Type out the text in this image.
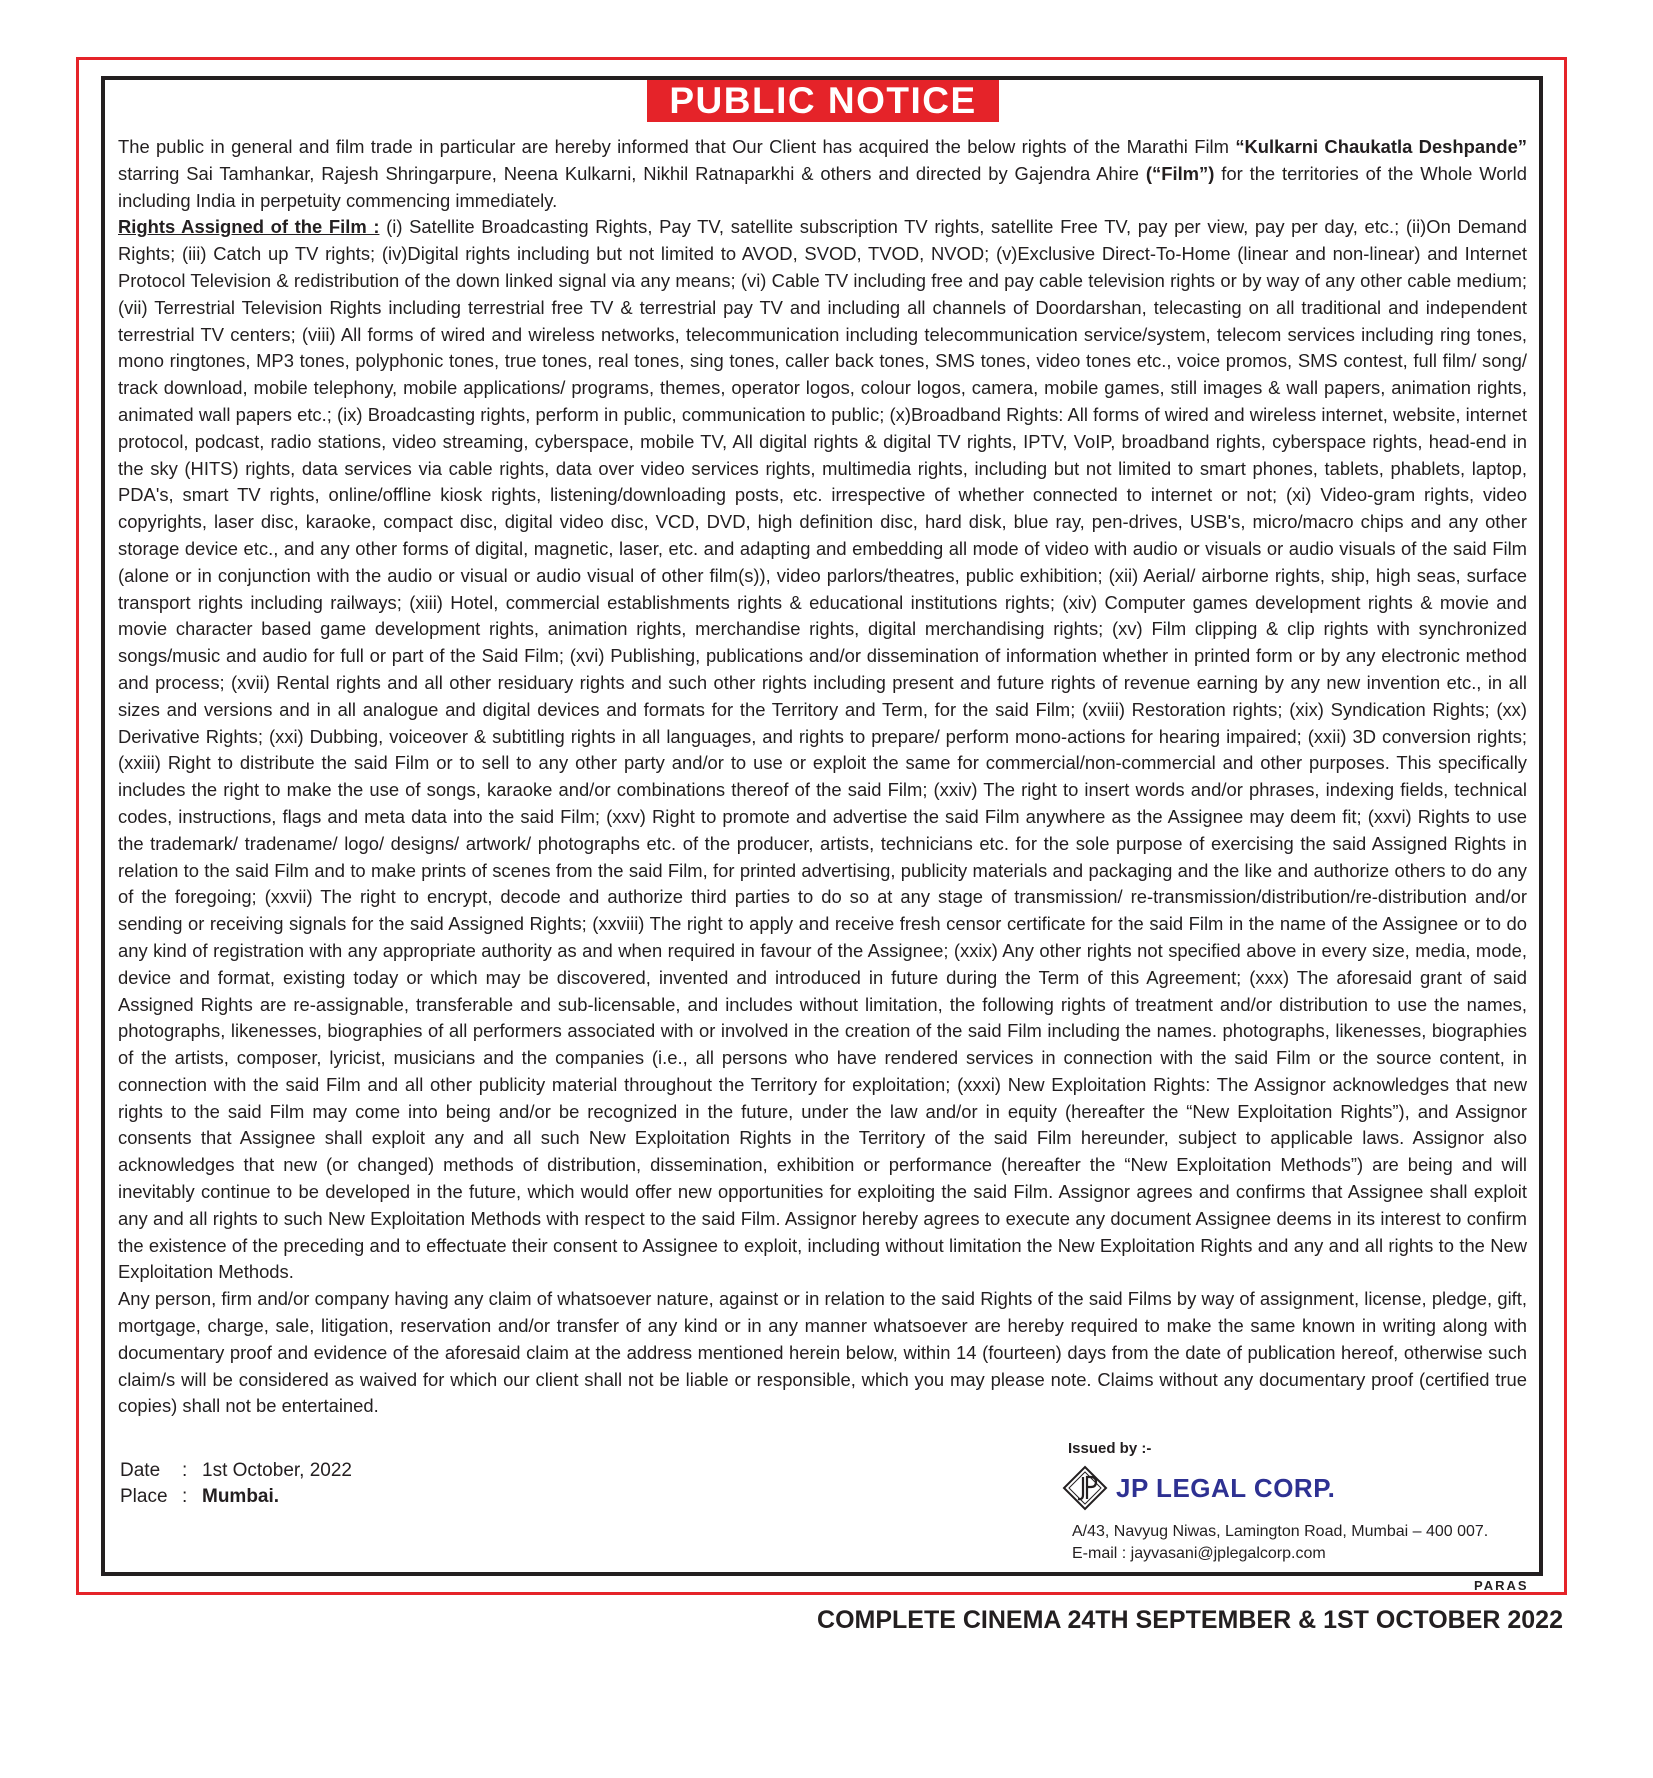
PUBLIC NOTICE

The public in general and film trade in particular are hereby informed that Our Client has acquired the below rights of the Marathi Film “Kulkarni Chaukatla Deshpande” starring Sai Tamhankar, Rajesh Shringarpure, Neena Kulkarni, Nikhil Ratnaparkhi & others and directed by Gajendra Ahire (“Film”) for the territories of the Whole World including India in perpetuity commencing immediately.

Rights Assigned of the Film : (i) Satellite Broadcasting Rights, Pay TV, satellite subscription TV rights, satellite Free TV, pay per view, pay per day, etc.; (ii)On Demand Rights; (iii) Catch up TV rights; (iv)Digital rights including but not limited to AVOD, SVOD, TVOD, NVOD; (v)Exclusive Direct-To-Home (linear and non-linear) and Internet Protocol Television & redistribution of the down linked signal via any means; (vi) Cable TV including free and pay cable television rights or by way of any other cable medium; (vii) Terrestrial Television Rights including terrestrial free TV & terrestrial pay TV and including all channels of Doordarshan, telecasting on all traditional and independent terrestrial TV centers; (viii) All forms of wired and wireless networks, telecommunication including telecommunication service/system, telecom services including ring tones, mono ringtones, MP3 tones, polyphonic tones, true tones, real tones, sing tones, caller back tones, SMS tones, video tones etc., voice promos, SMS contest, full film/ song/ track download, mobile telephony, mobile applications/ programs, themes, operator logos, colour logos, camera, mobile games, still images & wall papers, animation rights, animated wall papers etc.; (ix) Broadcasting rights, perform in public, communication to public; (x)Broadband Rights: All forms of wired and wireless internet, website, internet protocol, podcast, radio stations, video streaming, cyberspace, mobile TV, All digital rights & digital TV rights, IPTV, VoIP, broadband rights, cyberspace rights, head-end in the sky (HITS) rights, data services via cable rights, data over video services rights, multimedia rights, including but not limited to smart phones, tablets, phablets, laptop, PDA's, smart TV rights, online/offline kiosk rights, listening/downloading posts, etc. irrespective of whether connected to internet or not; (xi) Video-gram rights, video copyrights, laser disc, karaoke, compact disc, digital video disc, VCD, DVD, high definition disc, hard disk, blue ray, pen-drives, USB's, micro/macro chips and any other storage device etc., and any other forms of digital, magnetic, laser, etc. and adapting and embedding all mode of video with audio or visuals or audio visuals of the said Film (alone or in conjunction with the audio or visual or audio visual of other film(s)), video parlors/theatres, public exhibition; (xii) Aerial/ airborne rights, ship, high seas, surface transport rights including railways; (xiii) Hotel, commercial establishments rights & educational institutions rights; (xiv) Computer games development rights & movie and movie character based game development rights, animation rights, merchandise rights, digital merchandising rights; (xv) Film clipping & clip rights with synchronized songs/music and audio for full or part of the Said Film; (xvi) Publishing, publications and/or dissemination of information whether in printed form or by any electronic method and process; (xvii) Rental rights and all other residuary rights and such other rights including present and future rights of revenue earning by any new invention etc., in all sizes and versions and in all analogue and digital devices and formats for the Territory and Term, for the said Film; (xviii) Restoration rights; (xix) Syndication Rights; (xx) Derivative Rights; (xxi) Dubbing, voiceover & subtitling rights in all languages, and rights to prepare/ perform mono-actions for hearing impaired; (xxii) 3D conversion rights; (xxiii) Right to distribute the said Film or to sell to any other party and/or to use or exploit the same for commercial/non-commercial and other purposes. This specifically includes the right to make the use of songs, karaoke and/or combinations thereof of the said Film; (xxiv) The right to insert words and/or phrases, indexing fields, technical codes, instructions, flags and meta data into the said Film; (xxv) Right to promote and advertise the said Film anywhere as the Assignee may deem fit; (xxvi) Rights to use the trademark/ tradename/ logo/ designs/ artwork/ photographs etc. of the producer, artists, technicians etc. for the sole purpose of exercising the said Assigned Rights in relation to the said Film and to make prints of scenes from the said Film, for printed advertising, publicity materials and packaging and the like and authorize others to do any of the foregoing; (xxvii) The right to encrypt, decode and authorize third parties to do so at any stage of transmission/ re-transmission/distribution/re-distribution and/or sending or receiving signals for the said Assigned Rights; (xxviii) The right to apply and receive fresh censor certificate for the said Film in the name of the Assignee or to do any kind of registration with any appropriate authority as and when required in favour of the Assignee; (xxix) Any other rights not specified above in every size, media, mode, device and format, existing today or which may be discovered, invented and introduced in future during the Term of this Agreement; (xxx) The aforesaid grant of said Assigned Rights are re-assignable, transferable and sub-licensable, and includes without limitation, the following rights of treatment and/or distribution to use the names, photographs, likenesses, biographies of all performers associated with or involved in the creation of the said Film including the names. photographs, likenesses, biographies of the artists, composer, lyricist, musicians and the companies (i.e., all persons who have rendered services in connection with the said Film or the source content, in connection with the said Film and all other publicity material throughout the Territory for exploitation; (xxxi) New Exploitation Rights: The Assignor acknowledges that new rights to the said Film may come into being and/or be recognized in the future, under the law and/or in equity (hereafter the “New Exploitation Rights”), and Assignor consents that Assignee shall exploit any and all such New Exploitation Rights in the Territory of the said Film hereunder, subject to applicable laws. Assignor also acknowledges that new (or changed) methods of distribution, dissemination, exhibition or performance (hereafter the “New Exploitation Methods”) are being and will inevitably continue to be developed in the future, which would offer new opportunities for exploiting the said Film. Assignor agrees and confirms that Assignee shall exploit any and all rights to such New Exploitation Methods with respect to the said Film. Assignor hereby agrees to execute any document Assignee deems in its interest to confirm the existence of the preceding and to effectuate their consent to Assignee to exploit, including without limitation the New Exploitation Rights and any and all rights to the New Exploitation Methods.

Any person, firm and/or company having any claim of whatsoever nature, against or in relation to the said Rights of the said Films by way of assignment, license, pledge, gift, mortgage, charge, sale, litigation, reservation and/or transfer of any kind or in any manner whatsoever are hereby required to make the same known in writing along with documentary proof and evidence of the aforesaid claim at the address mentioned herein below, within 14 (fourteen) days from the date of publication hereof, otherwise such claim/s will be considered as waived for which our client shall not be liable or responsible, which you may please note. Claims without any documentary proof (certified true copies) shall not be entertained.

Date : 1st October, 2022
Place : Mumbai.
Issued by :-
JP LEGAL CORP.
A/43, Navyug Niwas, Lamington Road, Mumbai – 400 007.
E-mail : jayvasani@jplegalcorp.com
PARAS
COMPLETE CINEMA 24TH SEPTEMBER & 1ST OCTOBER 2022
